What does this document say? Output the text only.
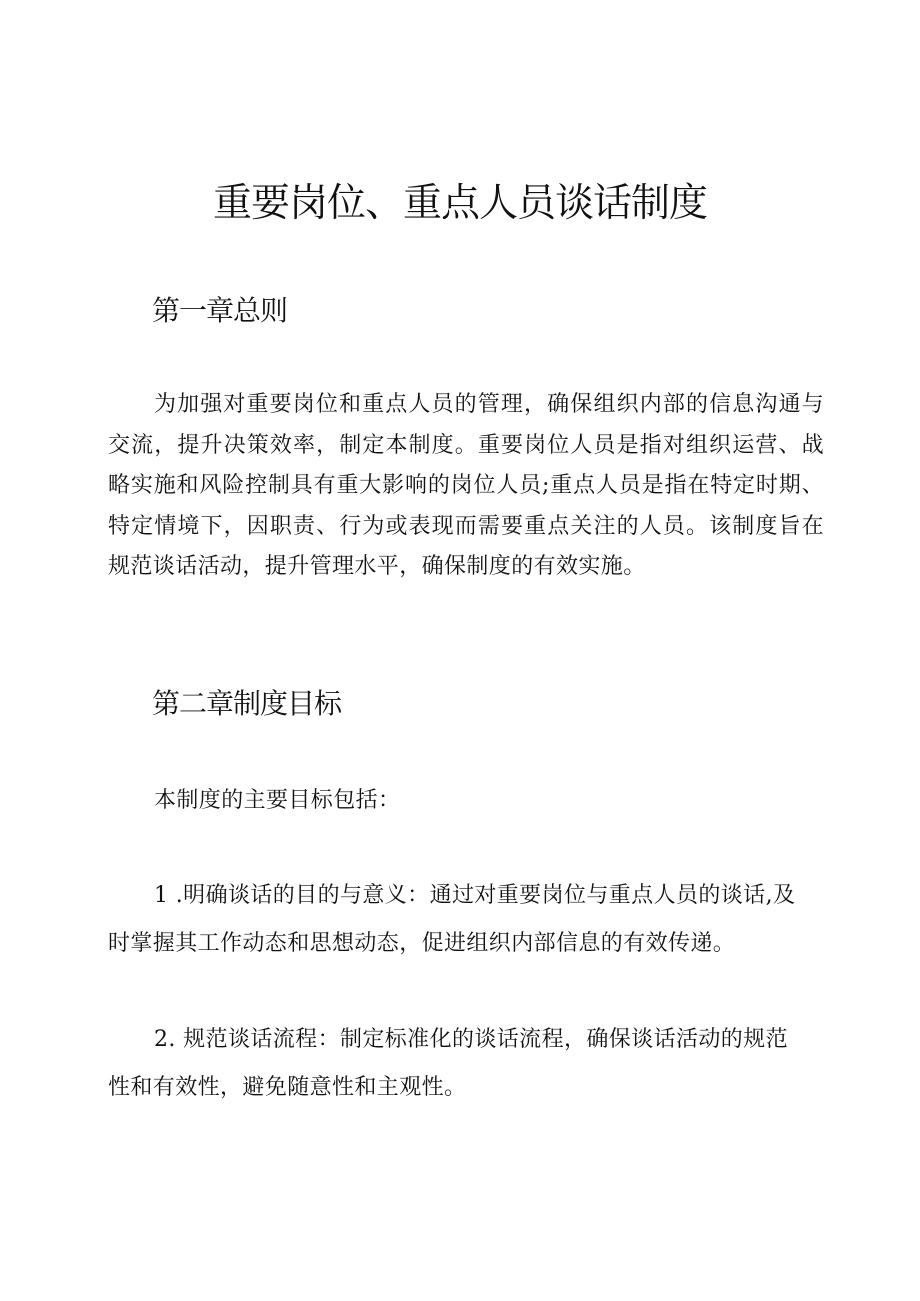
重要岗位、重点人员谈话制度
第一章总则

为加强对重要岗位和重点人员的管理，确保组织内部的信息沟通与交流，提升决策效率，制定本制度。重要岗位人员是指对组织运营、战略实施和风险控制具有重大影响的岗位人员;重点人员是指在特定时期、特定情境下，因职责、行为或表现而需要重点关注的人员。该制度旨在规范谈话活动，提升管理水平，确保制度的有效实施。

第二章制度目标

本制度的主要目标包括：

1 .明确谈话的目的与意义：通过对重要岗位与重点人员的谈话,及

时掌握其工作动态和思想动态，促进组织内部信息的有效传递。

2. 规范谈话流程：制定标准化的谈话流程，确保谈话活动的规范

性和有效性，避免随意性和主观性。
